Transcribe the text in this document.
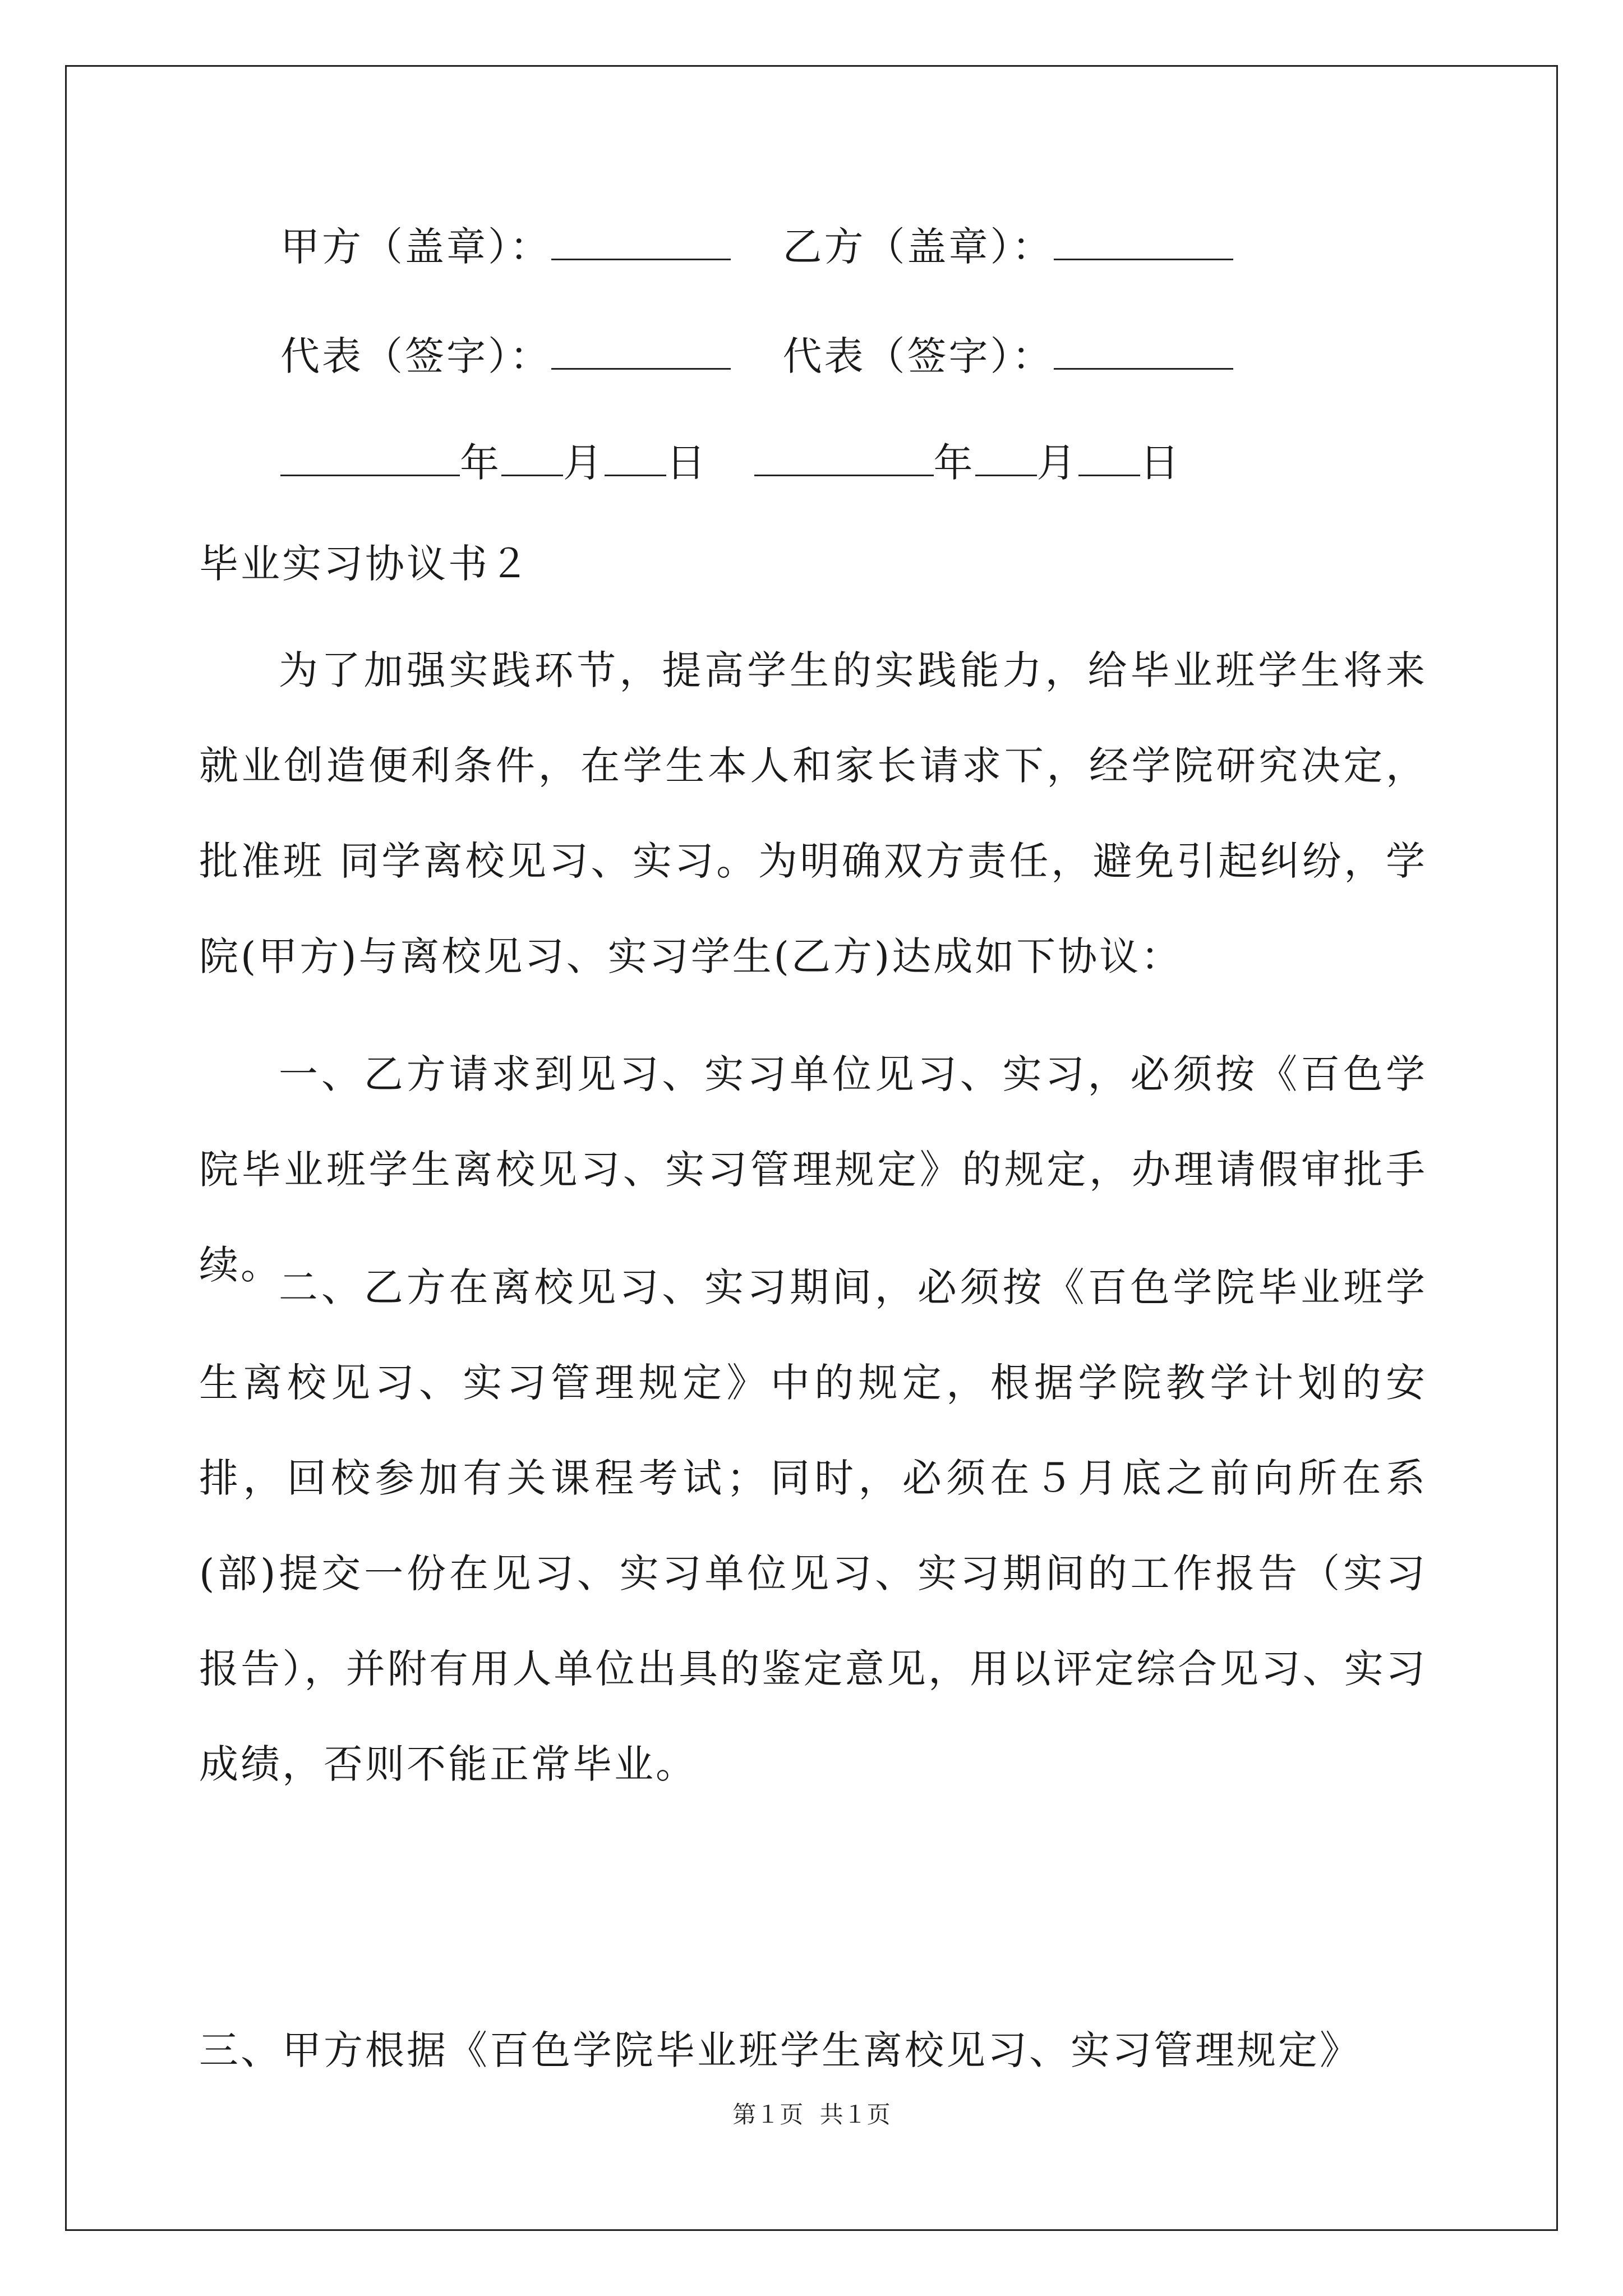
甲方（盖章）：	乙方（盖章）：
代表（签字）：	代表（签字）：
年 月 日	年 月 日
毕业实习协议书２
为了加强实践环节，提高学生的实践能力，给毕业班学生将来就业创造便利条件，在学生本人和家长请求下，经学院研究决定，批准班 同学离校见习、实习。为明确双方责任，避免引起纠纷，学院(甲方)与离校见习、实习学生(乙方)达成如下协议：
一、乙方请求到见习、实习单位见习、实习，必须按《百色学院毕业班学生离校见习、实习管理规定》的规定，办理请假审批手续。
二、乙方在离校见习、实习期间，必须按《百色学院毕业班学生离校见习、实习管理规定》中的规定，根据学院教学计划的安排，回校参加有关课程考试；同时，必须在５月底之前向所在系(部)提交一份在见习、实习单位见习、实习期间的工作报告（实习报告），并附有用人单位出具的鉴定意见，用以评定综合见习、实习成绩，否则不能正常毕业。
三、甲方根据《百色学院毕业班学生离校见习、实习管理规定》
第１页 共１页
